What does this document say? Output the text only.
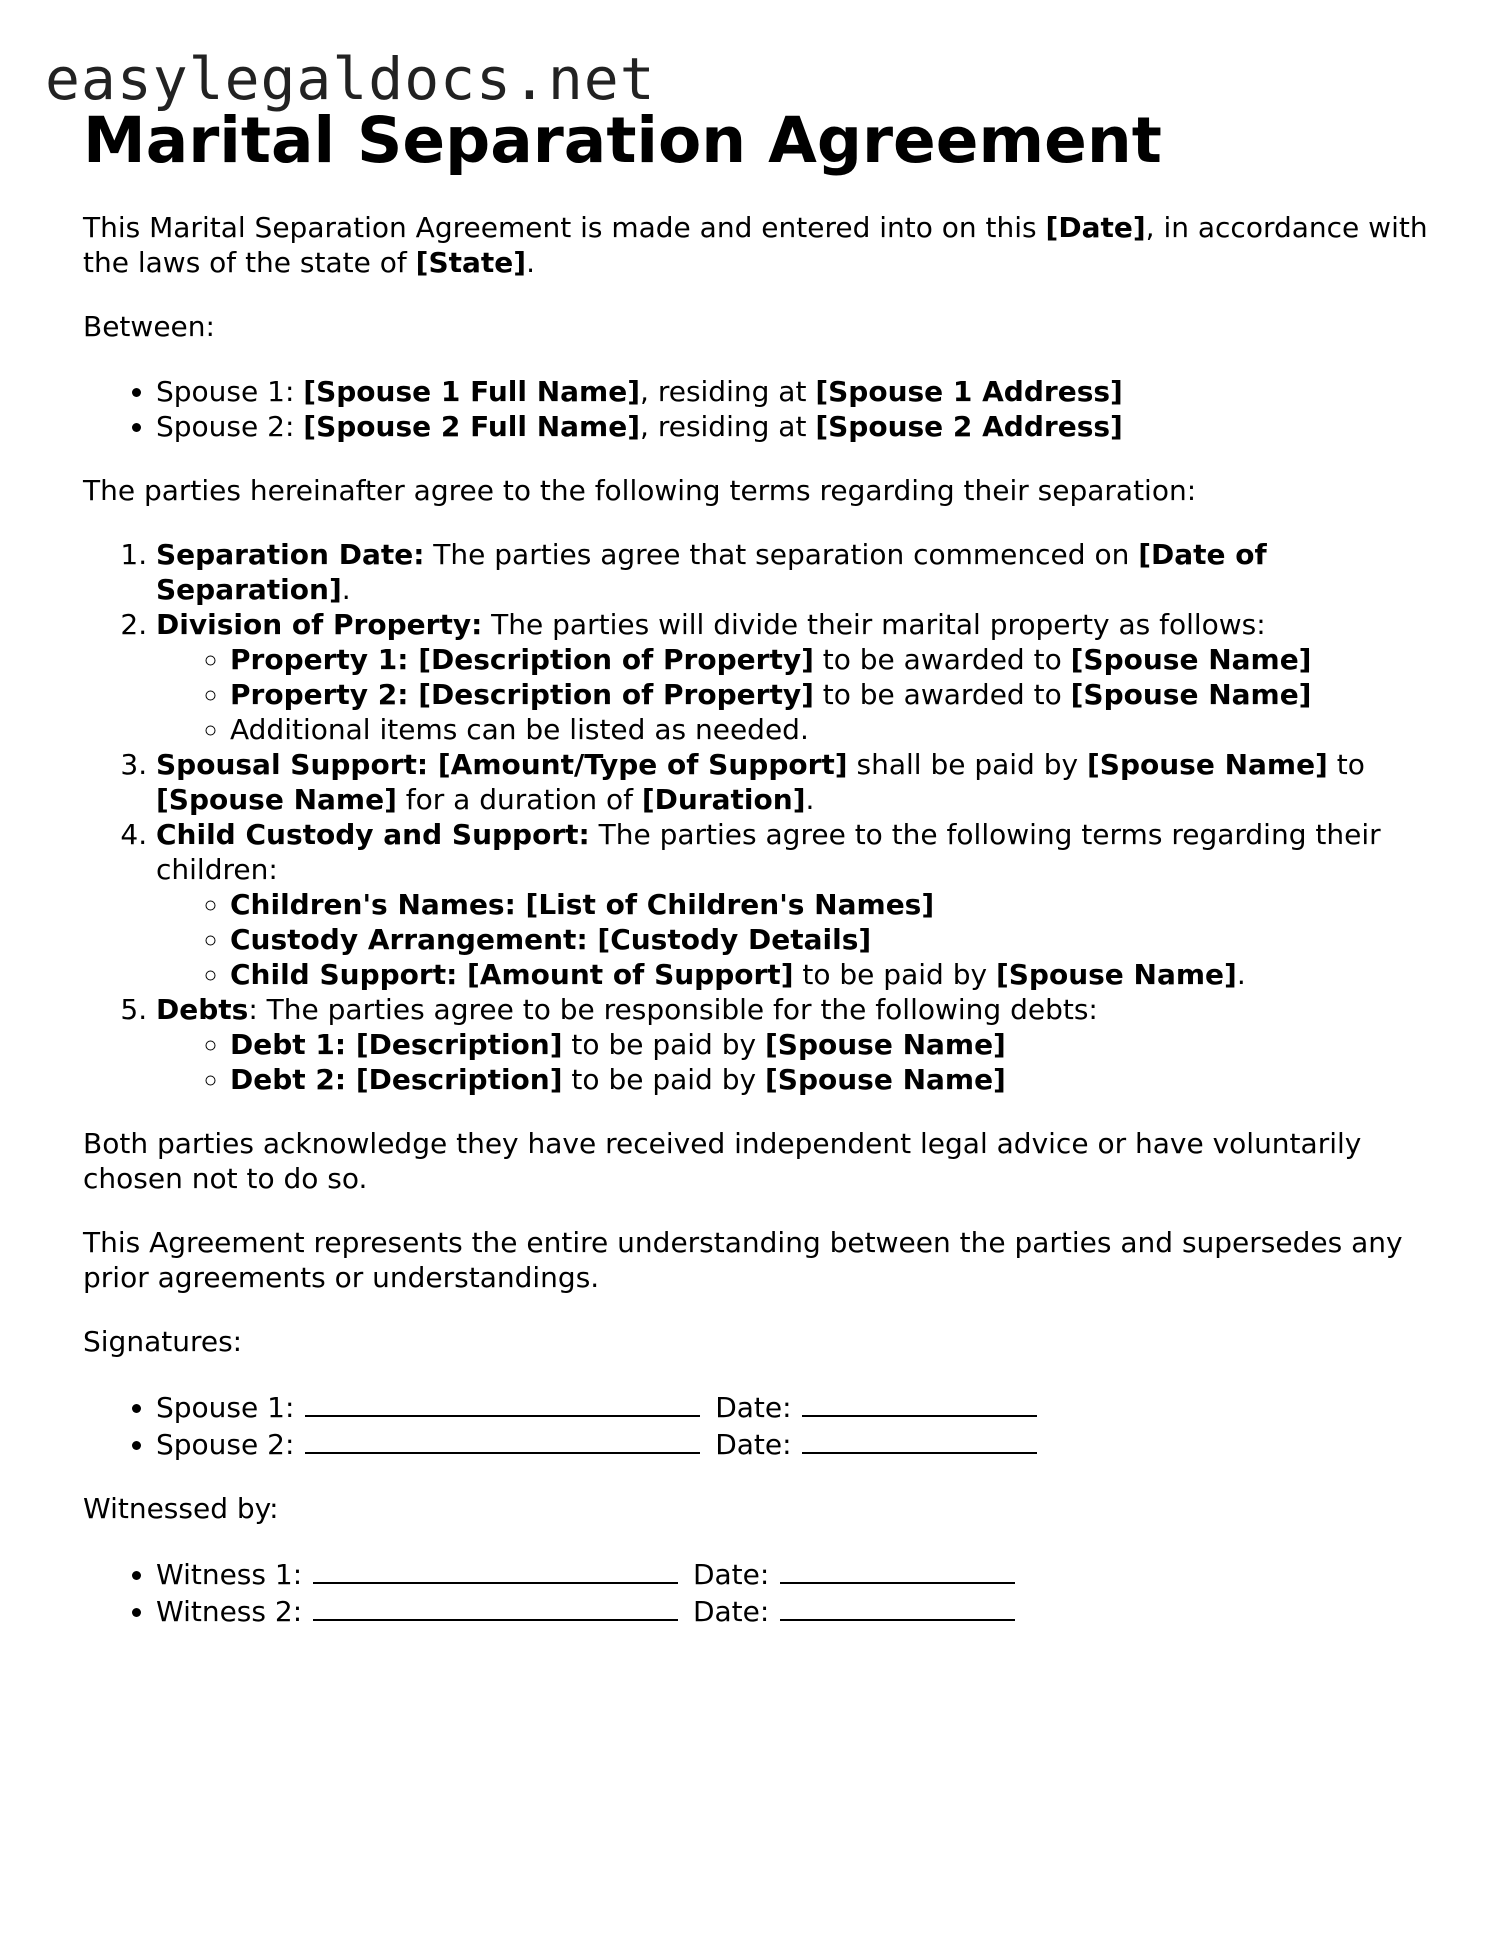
easylegaldocs.net

Marital Separation Agreement

This Marital Separation Agreement is made and entered into on this [Date], in accordance with the laws of the state of [State].

Between:

• Spouse 1: [Spouse 1 Full Name], residing at [Spouse 1 Address]
• Spouse 2: [Spouse 2 Full Name], residing at [Spouse 2 Address]

The parties hereinafter agree to the following terms regarding their separation:

1. Separation Date: The parties agree that separation commenced on [Date of Separation].
2. Division of Property: The parties will divide their marital property as follows:
◦ Property 1: [Description of Property] to be awarded to [Spouse Name]
◦ Property 2: [Description of Property] to be awarded to [Spouse Name]
◦ Additional items can be listed as needed.
3. Spousal Support: [Amount/Type of Support] shall be paid by [Spouse Name] to [Spouse Name] for a duration of [Duration].
4. Child Custody and Support: The parties agree to the following terms regarding their children:
◦ Children's Names: [List of Children's Names]
◦ Custody Arrangement: [Custody Details]
◦ Child Support: [Amount of Support] to be paid by [Spouse Name].
5. Debts: The parties agree to be responsible for the following debts:
◦ Debt 1: [Description] to be paid by [Spouse Name]
◦ Debt 2: [Description] to be paid by [Spouse Name]

Both parties acknowledge they have received independent legal advice or have voluntarily chosen not to do so.

This Agreement represents the entire understanding between the parties and supersedes any prior agreements or understandings.

Signatures:

• Spouse 1:	Date:
• Spouse 2:	Date:

Witnessed by:

• Witness 1:	Date:
• Witness 2:	Date:
